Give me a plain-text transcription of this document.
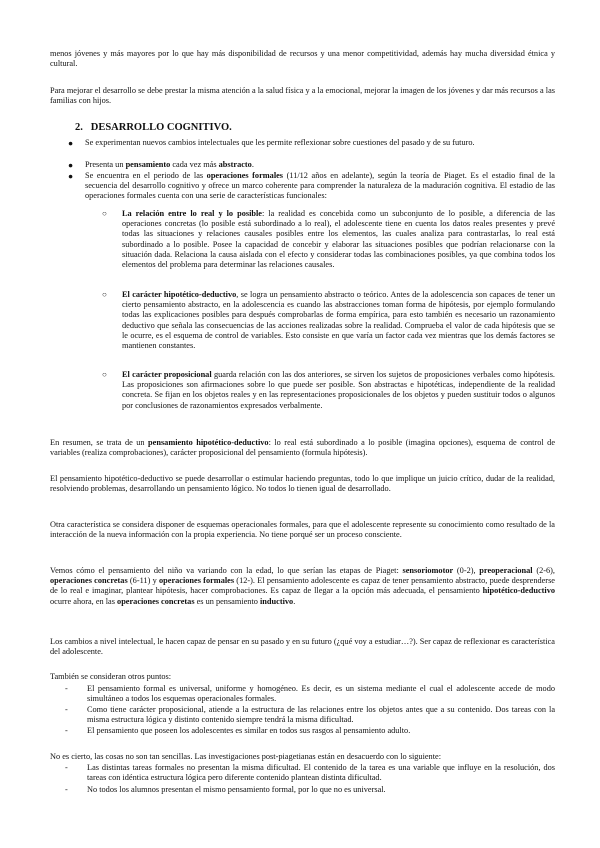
menos jóvenes y más mayores por lo que hay más disponibilidad de recursos y una menor competitividad, además hay mucha diversidad étnica y cultural.

Para mejorar el desarrollo se debe prestar la misma atención a la salud física y a la emocional, mejorar la imagen de los jóvenes y dar más recursos a las familias con hijos.

2. DESARROLLO COGNITIVO.
● Se experimentan nuevos cambios intelectuales que les permite reflexionar sobre cuestiones del pasado y de su futuro.

● Presenta un pensamiento cada vez más abstracto.

● Se encuentra en el periodo de las operaciones formales (11/12 años en adelante), según la teoría de Piaget. Es el estadio final de la secuencia del desarrollo cognitivo y ofrece un marco coherente para comprender la naturaleza de la maduración cognitiva. El estadio de las operaciones formales cuenta con una serie de características funcionales:

○ La relación entre lo real y lo posible: la realidad es concebida como un subconjunto de lo posible, a diferencia de las operaciones concretas (lo posible está subordinado a lo real), el adolescente tiene en cuenta los datos reales presentes y prevé todas las situaciones y relaciones causales posibles entre los elementos, las cuales analiza para contrastarlas, lo real está subordinado a lo posible. Posee la capacidad de concebir y elaborar las situaciones posibles que podrían relacionarse con la situación dada. Relaciona la causa aislada con el efecto y considerar todas las combinaciones posibles, ya que combina todos los elementos del problema para determinar las relaciones causales.

○ El carácter hipotético-deductivo, se logra un pensamiento abstracto o teórico. Antes de la adolescencia son capaces de tener un cierto pensamiento abstracto, en la adolescencia es cuando las abstracciones toman forma de hipótesis, por ejemplo formulando todas las explicaciones posibles para después comprobarlas de forma empírica, para esto también es necesario un razonamiento deductivo que señala las consecuencias de las acciones realizadas sobre la realidad. Comprueba el valor de cada hipótesis que se le ocurre, es el esquema de control de variables. Esto consiste en que varía un factor cada vez mientras que los demás factores se mantienen constantes.

○ El carácter proposicional guarda relación con las dos anteriores, se sirven los sujetos de proposiciones verbales como hipótesis. Las proposiciones son afirmaciones sobre lo que puede ser posible. Son abstractas e hipotéticas, independiente de la realidad concreta. Se fijan en los objetos reales y en las representaciones proposicionales de los objetos y pueden sustituir todos o algunos por conclusiones de razonamientos expresados verbalmente.

En resumen, se trata de un pensamiento hipotético-deductivo: lo real está subordinado a lo posible (imagina opciones), esquema de control de variables (realiza comprobaciones), carácter proposicional del pensamiento (formula hipótesis).

El pensamiento hipotético-deductivo se puede desarrollar o estimular haciendo preguntas, todo lo que implique un juicio crítico, dudar de la realidad, resolviendo problemas, desarrollando un pensamiento lógico. No todos lo tienen igual de desarrollado.

Otra característica se considera disponer de esquemas operacionales formales, para que el adolescente represente su conocimiento como resultado de la interacción de la nueva información con la propia experiencia. No tiene porqué ser un proceso consciente.

Vemos cómo el pensamiento del niño va variando con la edad, lo que serían las etapas de Piaget: sensoriomotor (0-2), preoperacional (2-6), operaciones concretas (6-11) y operaciones formales (12-). El pensamiento adolescente es capaz de tener pensamiento abstracto, puede desprenderse de lo real e imaginar, plantear hipótesis, hacer comprobaciones. Es capaz de llegar a la opción más adecuada, el pensamiento hipotético-deductivo ocurre ahora, en las operaciones concretas es un pensamiento inductivo.

Los cambios a nivel intelectual, le hacen capaz de pensar en su pasado y en su futuro (¿qué voy a estudiar…?). Ser capaz de reflexionar es característica del adolescente.

También se consideran otros puntos:

- El pensamiento formal es universal, uniforme y homogéneo. Es decir, es un sistema mediante el cual el adolescente accede de modo simultáneo a todos los esquemas operacionales formales.

- Como tiene carácter proposicional, atiende a la estructura de las relaciones entre los objetos antes que a su contenido. Dos tareas con la misma estructura lógica y distinto contenido siempre tendrá la misma dificultad.

- El pensamiento que poseen los adolescentes es similar en todos sus rasgos al pensamiento adulto.

No es cierto, las cosas no son tan sencillas. Las investigaciones post-piagetianas están en desacuerdo con lo siguiente:

- Las distintas tareas formales no presentan la misma dificultad. El contenido de la tarea es una variable que influye en la resolución, dos tareas con idéntica estructura lógica pero diferente contenido plantean distinta dificultad.

- No todos los alumnos presentan el mismo pensamiento formal, por lo que no es universal.
